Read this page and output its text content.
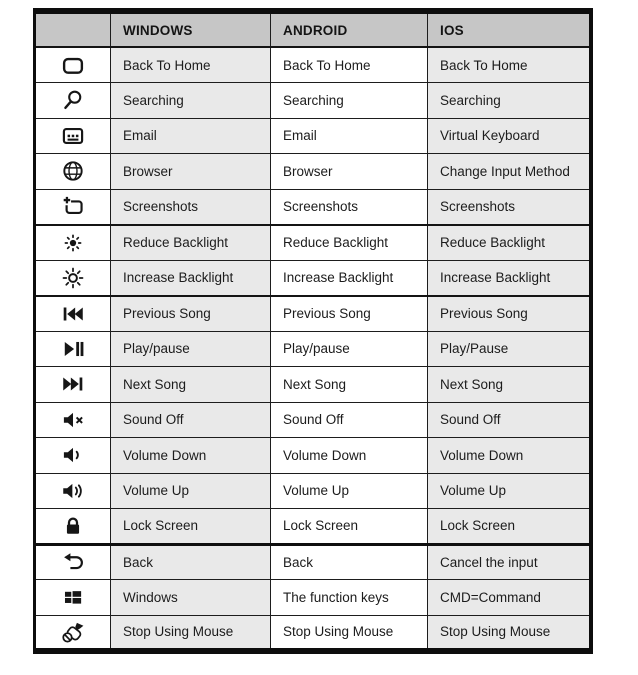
	WINDOWS	ANDROID	IOS
	Back To Home	Back To Home	Back To Home
	Searching	Searching	Searching
	Email	Email	Virtual Keyboard
	Browser	Browser	Change Input Method
	Screenshots	Screenshots	Screenshots
	Reduce Backlight	Reduce Backlight	Reduce Backlight
	Increase Backlight	Increase Backlight	Increase Backlight
	Previous Song	Previous Song	Previous Song
	Play/pause	Play/pause	Play/Pause
	Next Song	Next Song	Next Song
	Sound Off	Sound Off	Sound Off
	Volume Down	Volume Down	Volume Down
	Volume Up	Volume Up	Volume Up
	Lock Screen	Lock Screen	Lock Screen
	Back	Back	Cancel the input
	Windows	The function keys	CMD=Command
	Stop Using Mouse	Stop Using Mouse	Stop Using Mouse
